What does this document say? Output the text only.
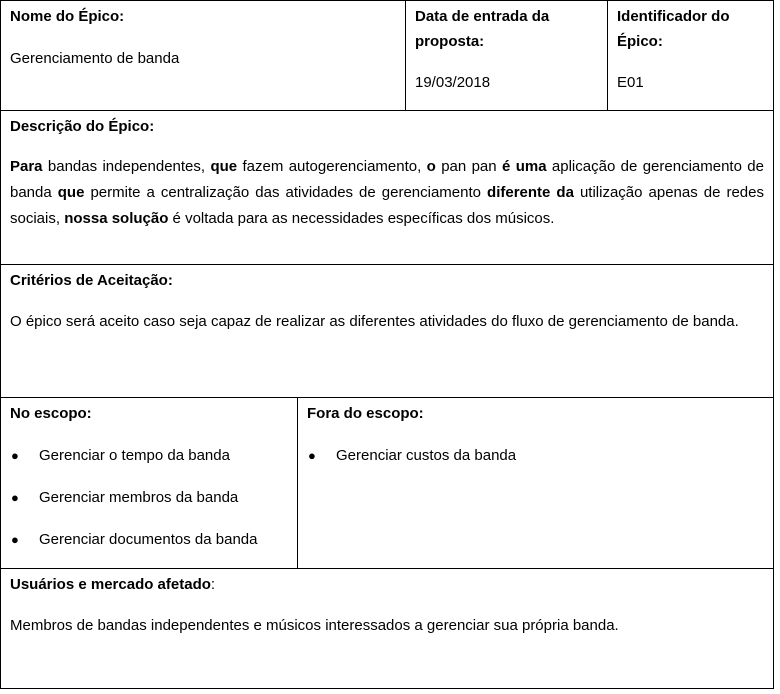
Nome do Épico:

Gerenciamento de banda

Data de entrada da proposta:

19/03/2018

Identificador do Épico:

E01

Descrição do Épico:

Para bandas independentes, que fazem autogerenciamento, o pan pan é uma aplicação de gerenciamento de banda que permite a centralização das atividades de gerenciamento diferente da utilização apenas de redes sociais, nossa solução é voltada para as necessidades específicas dos músicos.

Critérios de Aceitação:

O épico será aceito caso seja capaz de realizar as diferentes atividades do fluxo de gerenciamento de banda.

No escopo:

● Gerenciar o tempo da banda
● Gerenciar membros da banda
● Gerenciar documentos da banda

Fora do escopo:

● Gerenciar custos da banda

Usuários e mercado afetado:

Membros de bandas independentes e músicos interessados a gerenciar sua própria banda.
